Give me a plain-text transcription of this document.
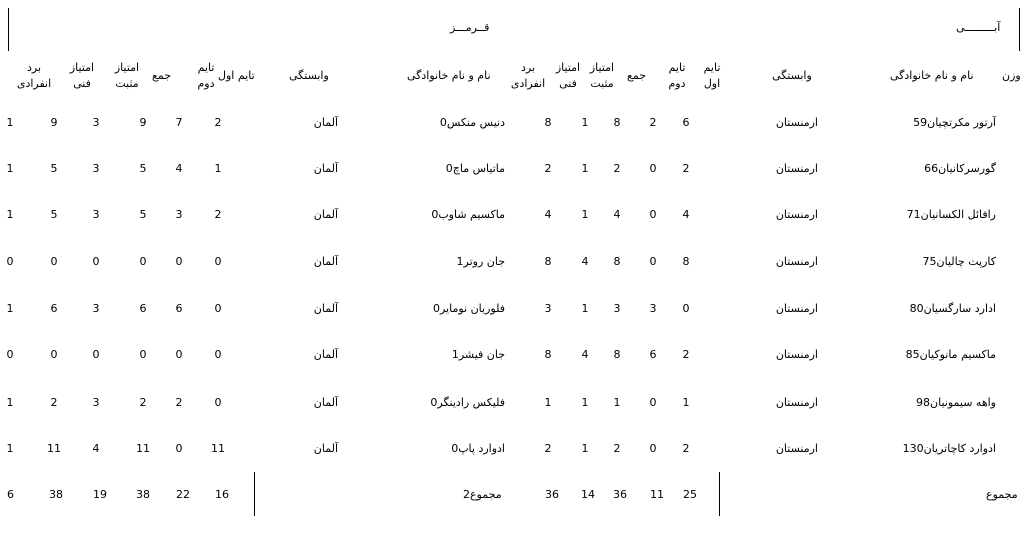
آبـــــــــی
قــرمـــز
وزن
نام و نام خانوادگی
وابستگی
تایم اول
تایم دوم
جمع
امتیاز مثبت
امتیاز فنی
برد انفرادی
نام و نام خانوادگی
وابستگی
تایم اول
تایم دوم
جمع
امتیاز مثبت
امتیاز فنی
برد انفرادی
59آرتور مکرتچیان
ارمنستان
6
2
8
1
8
0دنیس منکس
آلمان
2
7
9
3
9
1
66گورسرکانیان
ارمنستان
2
0
2
1
2
0ماتیاس ماچ
آلمان
1
4
5
3
5
1
71رافائل الکسانیان
ارمنستان
4
0
4
1
4
0ماکسیم شاوب
آلمان
2
3
5
3
5
1
75کارپت چالیان
ارمنستان
8
0
8
4
8
1جان روتر
آلمان
0
0
0
0
0
0
80ادارد سارگسیان
ارمنستان
0
3
3
1
3
0فلوریان نومایر
آلمان
0
6
6
3
6
1
85ماکسیم مانوکیان
ارمنستان
2
6
8
4
8
1جان فیشر
آلمان
0
0
0
0
0
0
98واهه سیمونیان
ارمنستان
1
0
1
1
1
0فلیکس رادینگر
آلمان
0
2
2
3
2
1
130ادوارد کاچاتریان
ارمنستان
2
0
2
1
2
0ادوارد پاپ
آلمان
11
0
11
4
11
1
مجموع
25
11
36
14
36
2مجموع
16
22
38
19
38
6
